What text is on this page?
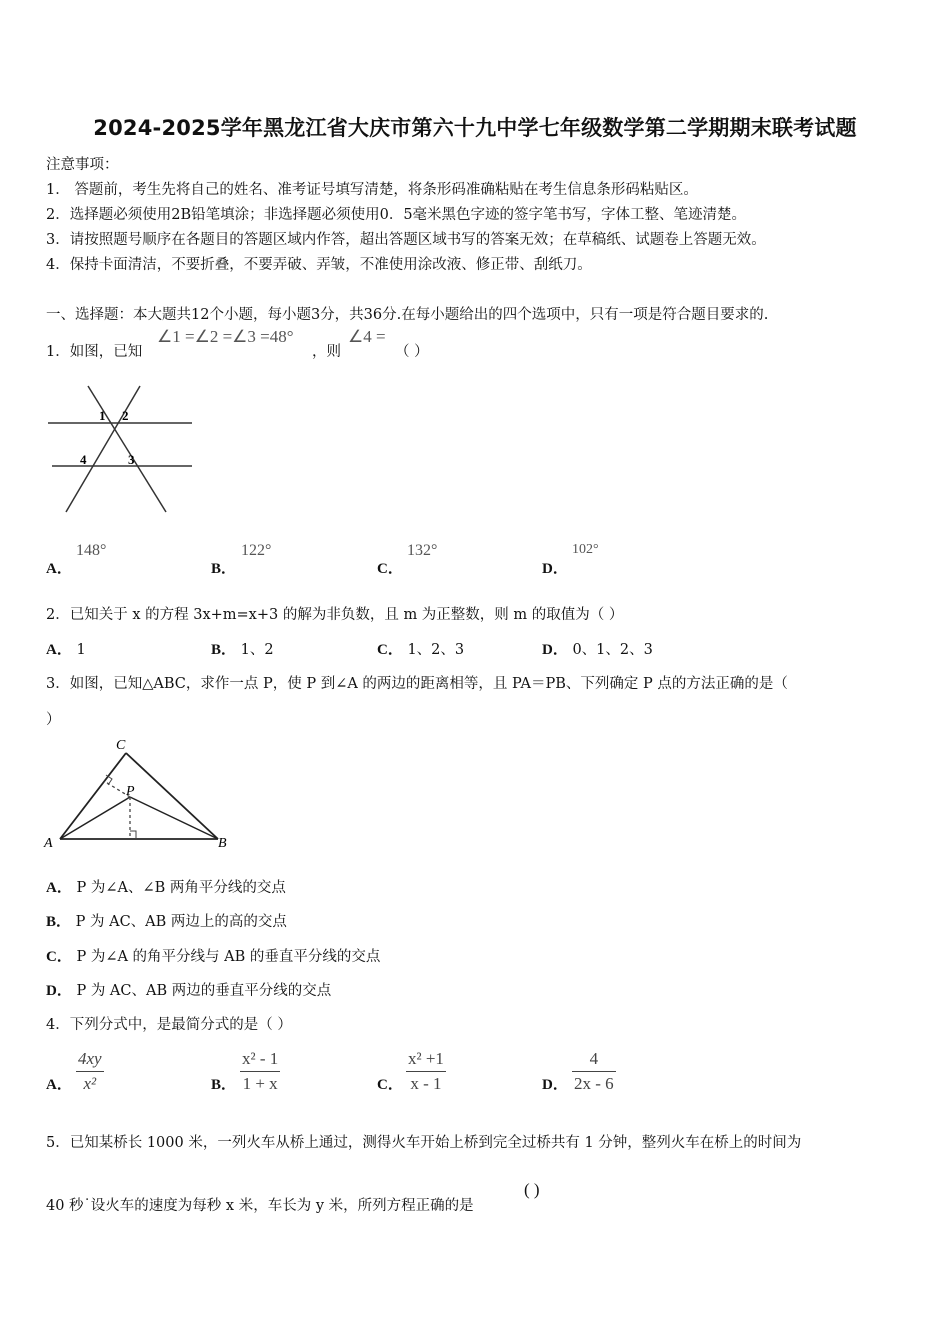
2024-2025学年黑龙江省大庆市第六十九中学七年级数学第二学期期末联考试题
注意事项：
1． 答题前，考生先将自己的姓名、准考证号填写清楚，将条形码准确粘贴在考生信息条形码粘贴区。
2．选择题必须使用2B铅笔填涂；非选择题必须使用0．5毫米黑色字迹的签字笔书写，字体工整、笔迹清楚。
3．请按照题号顺序在各题目的答题区域内作答，超出答题区域书写的答案无效；在草稿纸、试题卷上答题无效。
4．保持卡面清洁，不要折叠，不要弄破、弄皱，不准使用涂改液、修正带、刮纸刀。
一、选择题：本大题共12个小题，每小题3分，共36分.在每小题给出的四个选项中，只有一项是符合题目要求的.
1．如图，已知
∠1 =∠2 =∠3 =48°
，则
∠4 =
（ ）
1 2
4	3
A．
148°
B．
122°
C．
132°
D．
102°
2．已知关于 x 的方程 3x+m=x+3 的解为非负数，且 m 为正整数，则 m 的取值为（ ）
A． 1	B． 1、2	C． 1、2、3	D． 0、1、2、3
3．如图，已知△ABC，求作一点 P，使 P 到∠A 的两边的距离相等，且 PA＝PB、下列确定 P 点的方法正确的是（
）
C
P
A	B
A． P 为∠A、∠B 两角平分线的交点
B． P 为 AC、AB 两边上的高的交点
C． P 为∠A 的角平分线与 AB 的垂直平分线的交点
D． P 为 AC、AB 两边的垂直平分线的交点
4．下列分式中，是最简分式的是（ ）
A．
4xy
x²	B．
x² - 1
1 + x	C．
x² +1
x - 1	D．
4
2x - 6
5．已知某桥长 1000 米，一列火车从桥上通过，测得火车开始上桥到完全过桥共有 1 分钟，整列火车在桥上的时间为
40 秒˙设火车的速度为每秒 x 米，车长为 y 米，所列方程正确的是
( )
